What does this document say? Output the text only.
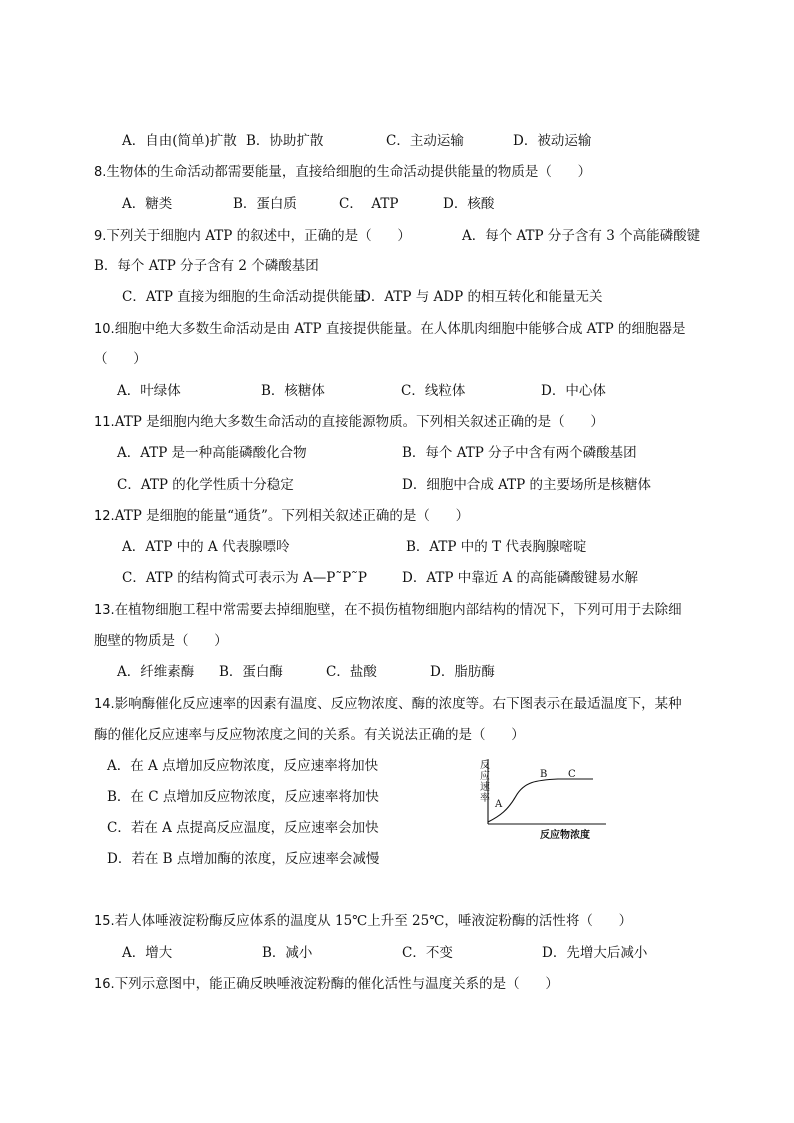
A．自由(简单)扩散 B．协助扩散	C．主动运输	D．被动运输
8.生物体的生命活动都需要能量，直接给细胞的生命活动提供能量的物质是（      ）
A．糖类	B．蛋白质	C．  ATP	D．核酸
9.下列关于细胞内 ATP 的叙述中，正确的是（      ）	A．每个 ATP 分子含有 3 个高能磷酸键
B．每个 ATP 分子含有 2 个磷酸基团
C．ATP 直接为细胞的生命活动提供能量
D．ATP 与 ADP 的相互转化和能量无关
10.细胞中绝大多数生命活动是由 ATP 直接提供能量。在人体肌肉细胞中能够合成 ATP 的细胞器是
（      ）
A．叶绿体	B．核糖体	C．线粒体	D．中心体
11.ATP 是细胞内绝大多数生命活动的直接能源物质。下列相关叙述正确的是（      ）
A．ATP 是一种高能磷酸化合物	B．每个 ATP 分子中含有两个磷酸基团
C．ATP 的化学性质十分稳定	D．细胞中合成 ATP 的主要场所是核糖体
12.ATP 是细胞的能量“通货”。下列相关叙述正确的是（      ）
A．ATP 中的 A 代表腺嘌呤	B．ATP 中的 T 代表胸腺嘧啶
C．ATP 的结构简式可表示为 A—P˜P˜P	D．ATP 中靠近 A 的高能磷酸键易水解
13.在植物细胞工程中常需要去掉细胞壁，在不损伤植物细胞内部结构的情况下，下列可用于去除细
胞壁的物质是（      ）
A．纤维素酶 B．蛋白酶	C．盐酸	D．脂肪酶
14.影响酶催化反应速率的因素有温度、反应物浓度、酶的浓度等。右下图表示在最适温度下，某种
酶的催化反应速率与反应物浓度之间的关系。有关说法正确的是（      ）
A．在 A 点增加反应物浓度，反应速率将加快
B．在 C 点增加反应物浓度，反应速率将加快
C．若在 A 点提高反应温度，反应速率会加快
D．若在 B 点增加酶的浓度，反应速率会减慢
反
应
速
率
A
B C
反应物浓度
15.若人体唾液淀粉酶反应体系的温度从 15℃上升至 25℃，唾液淀粉酶的活性将（      ）
A．增大	B．减小	C．不变	D．先增大后减小
16.下列示意图中，能正确反映唾液淀粉酶的催化活性与温度关系的是（      ）
